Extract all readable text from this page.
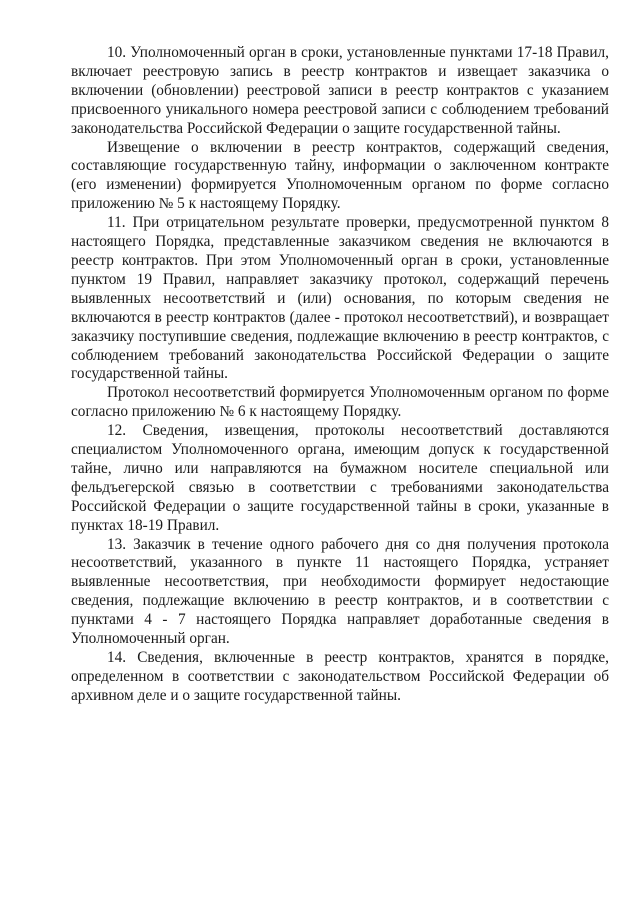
10. Уполномоченный орган в сроки, установленные пунктами 17-18 Правил, включает реестровую запись в реестр контрактов и извещает заказчика о включении (обновлении) реестровой записи в реестр контрактов с указанием присвоенного уникального номера реестровой записи с соблюдением требований законодательства Российской Федерации о защите государственной тайны.

Извещение о включении в реестр контрактов, содержащий сведения, составляющие государственную тайну, информации о заключенном контракте (его изменении) формируется Уполномоченным органом по форме согласно приложению № 5 к настоящему Порядку.

11. При отрицательном результате проверки, предусмотренной пунктом 8 настоящего Порядка, представленные заказчиком сведения не включаются в реестр контрактов. При этом Уполномоченный орган в сроки, установленные пунктом 19 Правил, направляет заказчику протокол, содержащий перечень выявленных несоответствий и (или) основания, по которым сведения не включаются в реестр контрактов (далее - протокол несоответствий), и возвращает заказчику поступившие сведения, подлежащие включению в реестр контрактов, с соблюдением требований законодательства Российской Федерации о защите государственной тайны.

Протокол несоответствий формируется Уполномоченным органом по форме согласно приложению № 6 к настоящему Порядку.

12. Сведения, извещения, протоколы несоответствий доставляются специалистом Уполномоченного органа, имеющим допуск к государственной тайне, лично или направляются на бумажном носителе специальной или фельдъегерской связью в соответствии с требованиями законодательства Российской Федерации о защите государственной тайны в сроки, указанные в пунктах 18-19 Правил.

13. Заказчик в течение одного рабочего дня со дня получения протокола несоответствий, указанного в пункте 11 настоящего Порядка, устраняет выявленные несоответствия, при необходимости формирует недостающие сведения, подлежащие включению в реестр контрактов, и в соответствии с пунктами 4 - 7 настоящего Порядка направляет доработанные сведения в Уполномоченный орган.

14. Сведения, включенные в реестр контрактов, хранятся в порядке, определенном в соответствии с законодательством Российской Федерации об архивном деле и о защите государственной тайны.
